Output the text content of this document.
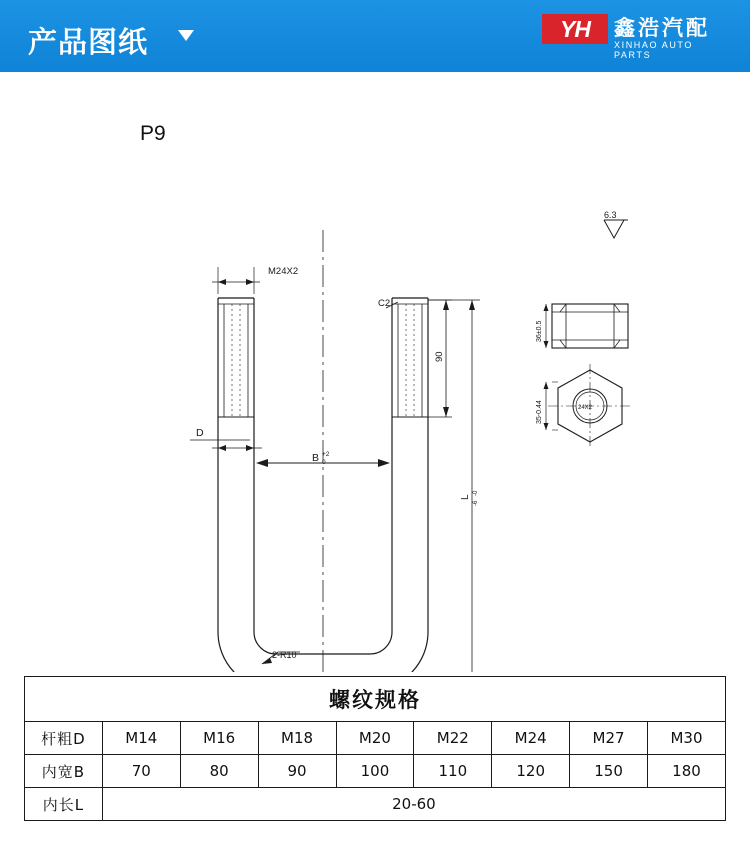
产品图纸	YH	鑫浩汽配
XINHAO AUTO PARTS
P9
M24X2
C2
D
B +2
0
2-R10
6.3
90
L
-0
-6
36±0.5
35-0.44	24X2
螺纹规格								
杆粗D	M14	M16	M18	M20	M22	M24	M27	M30
内宽B	70	80	90	100	110	120	150	180
内长L	20-60							
